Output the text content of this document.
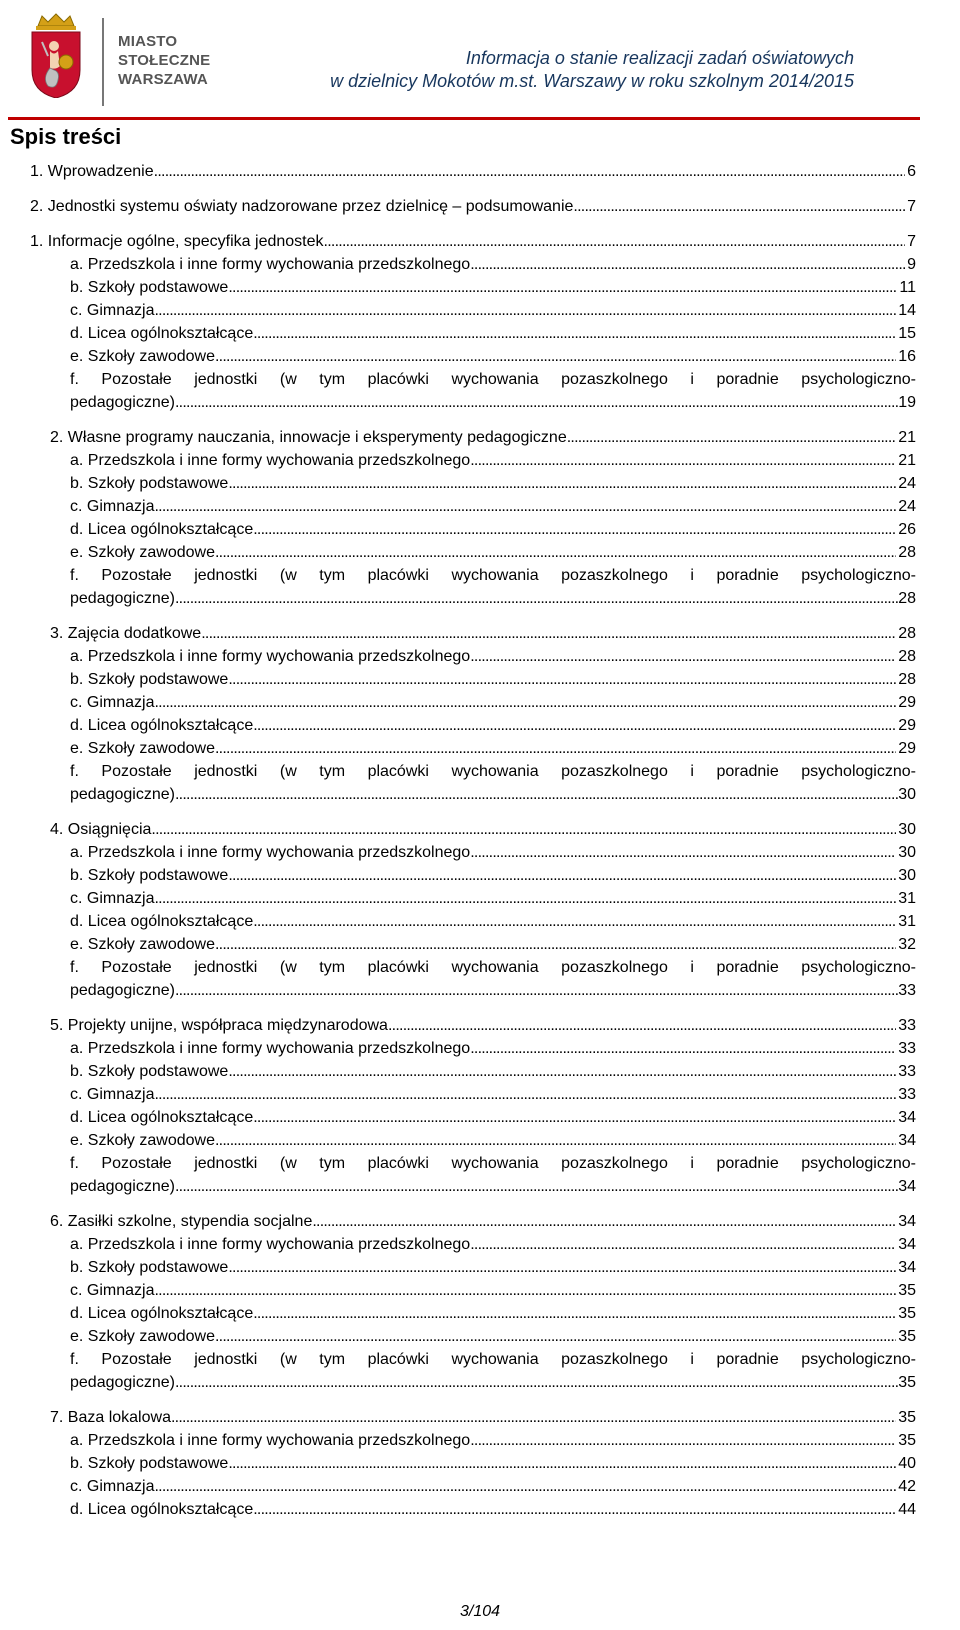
MIASTO
STOŁECZNE
WARSZAWA
Informacja o stanie realizacji zadań oświatowych
w dzielnicy Mokotów m.st. Warszawy w roku szkolnym 2014/2015
Spis treści
1. Wprowadzenie . . .	6
2. Jednostki systemu oświaty nadzorowane przez dzielnicę – podsumowanie . . .	7
1. Informacje ogólne, specyfika jednostek . . .	7
a. Przedszkola i inne formy wychowania przedszkolnego . . .	9
b. Szkoły podstawowe . . .	11
c. Gimnazja . . .	14
d. Licea ogólnokształcące . . .	15
e. Szkoły zawodowe . . .	16
f. Pozostałe jednostki (w tym placówki wychowania pozaszkolnego i poradnie psychologiczno-
pedagogiczne) . . .	19
2. Własne programy nauczania, innowacje i eksperymenty pedagogiczne . . .	21
a. Przedszkola i inne formy wychowania przedszkolnego . . .	21
b. Szkoły podstawowe . . .	24
c. Gimnazja . . .	24
d. Licea ogólnokształcące . . .	26
e. Szkoły zawodowe . . .	28
f. Pozostałe jednostki (w tym placówki wychowania pozaszkolnego i poradnie psychologiczno-
pedagogiczne) . . .	28
3. Zajęcia dodatkowe . . .	28
a. Przedszkola i inne formy wychowania przedszkolnego . . .	28
b. Szkoły podstawowe . . .	28
c. Gimnazja . . .	29
d. Licea ogólnokształcące . . .	29
e. Szkoły zawodowe . . .	29
f. Pozostałe jednostki (w tym placówki wychowania pozaszkolnego i poradnie psychologiczno-
pedagogiczne) . . .	30
4. Osiągnięcia . . .	30
a. Przedszkola i inne formy wychowania przedszkolnego . . .	30
b. Szkoły podstawowe . . .	30
c. Gimnazja . . .	31
d. Licea ogólnokształcące . . .	31
e. Szkoły zawodowe . . .	32
f. Pozostałe jednostki (w tym placówki wychowania pozaszkolnego i poradnie psychologiczno-
pedagogiczne) . . .	33
5. Projekty unijne, współpraca międzynarodowa . . .	33
a. Przedszkola i inne formy wychowania przedszkolnego . . .	33
b. Szkoły podstawowe . . .	33
c. Gimnazja . . .	33
d. Licea ogólnokształcące . . .	34
e. Szkoły zawodowe . . .	34
f. Pozostałe jednostki (w tym placówki wychowania pozaszkolnego i poradnie psychologiczno-
pedagogiczne) . . .	34
6. Zasiłki szkolne, stypendia socjalne . . .	34
a. Przedszkola i inne formy wychowania przedszkolnego . . .	34
b. Szkoły podstawowe . . .	34
c. Gimnazja . . .	35
d. Licea ogólnokształcące . . .	35
e. Szkoły zawodowe . . .	35
f. Pozostałe jednostki (w tym placówki wychowania pozaszkolnego i poradnie psychologiczno-
pedagogiczne) . . .	35
7. Baza lokalowa . . .	35
a. Przedszkola i inne formy wychowania przedszkolnego . . .	35
b. Szkoły podstawowe . . .	40
c. Gimnazja . . .	42
d. Licea ogólnokształcące . . .	44
3/104
